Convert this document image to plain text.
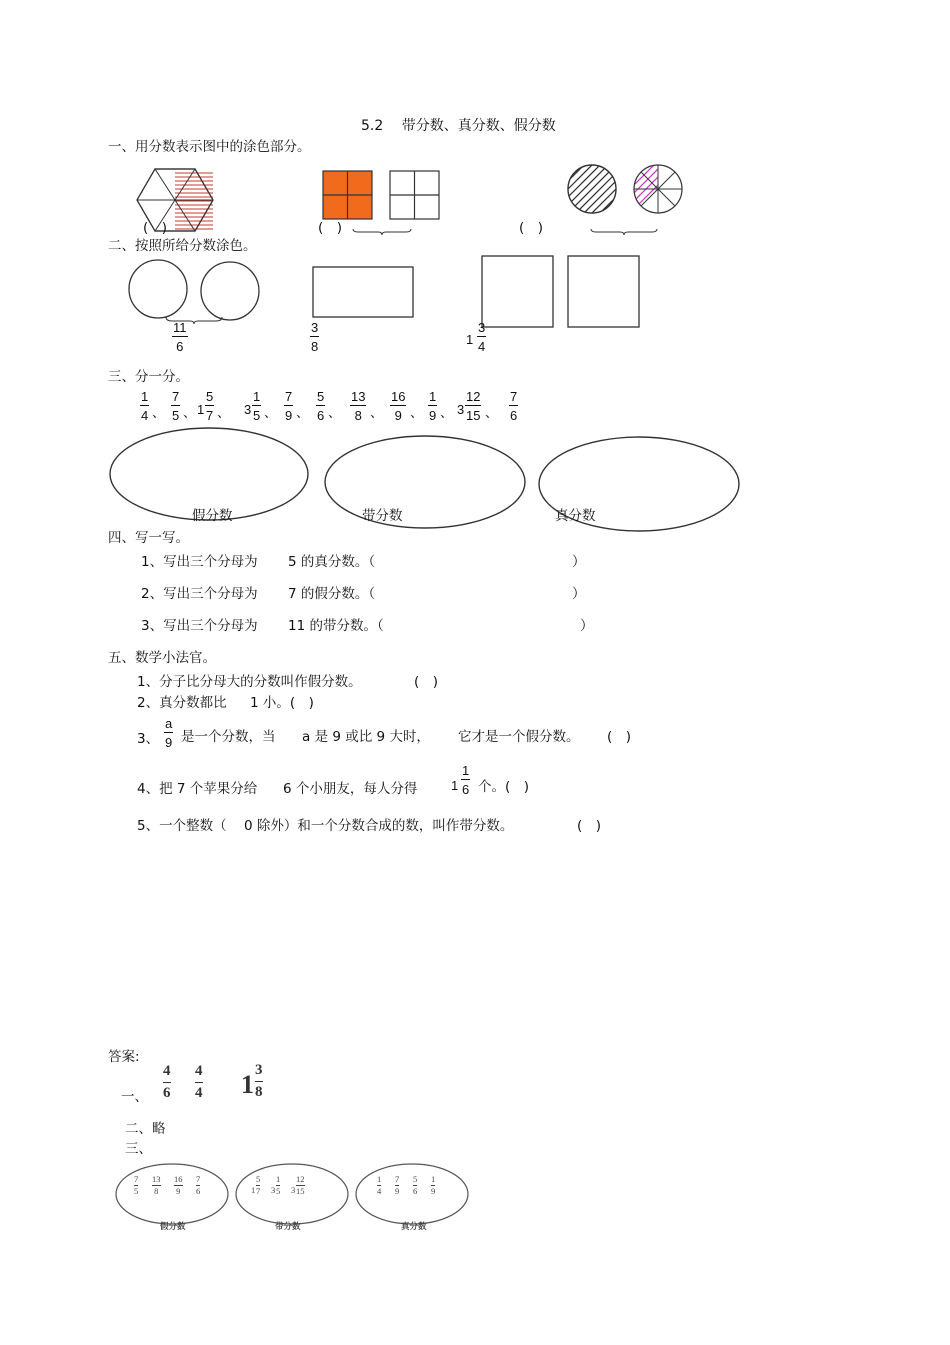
5.2　 带分数、真分数、假分数
一、用分数表示图中的涂色部分。
(　)	(　)	(　)
二、按照所给分数涂色。
$\frac{11}{6}$	$\frac{3}{8}$	$1 \frac{3}{4}$
三、分一分。
$\frac{1}{4}$ 、 $\frac{7}{5}$ 、 $1 \frac{5}{7}$ 、 $3 \frac{1}{5}$ 、 $\frac{7}{9}$ 、 $\frac{5}{6}$ 、 $\frac{13}{8}$ 、 $\frac{16}{9}$ 、 $\frac{1}{9}$ 、 $3 \frac{12}{15}$ 、 $\frac{7}{6}$
假分数	带分数	真分数
四、写一写。
1、写出三个分母为 5 的真分数。（	）
2、写出三个分母为 7 的假分数。（	）
3、写出三个分母为 11 的带分数。（	）
五、数学小法官。
1、分子比分母大的分数叫作假分数。	(　)
2、真分数都比 1 小。(　)
3、 $\frac{a}{9}$ 是一个分数，当 a 是 9 或比 9 大时， 它才是一个假分数。 (　)
4、把 7 个苹果分给 6 个小朋友，每人分得	$1 \frac{1}{6}$ 个。(　)
5、一个整数（ 0 除外）和一个分数合成的数，叫作带分数。	(　)
答案:
一、 $\frac{4}{6} \frac{4}{4} 1 \frac{3}{8}$
二、略
三、
7
5
13
8
16
9
7
6	1
5
7 3
1
5 3
12
15
1
4
7
9
5
6
1
9
假分数	带分数	真分数
